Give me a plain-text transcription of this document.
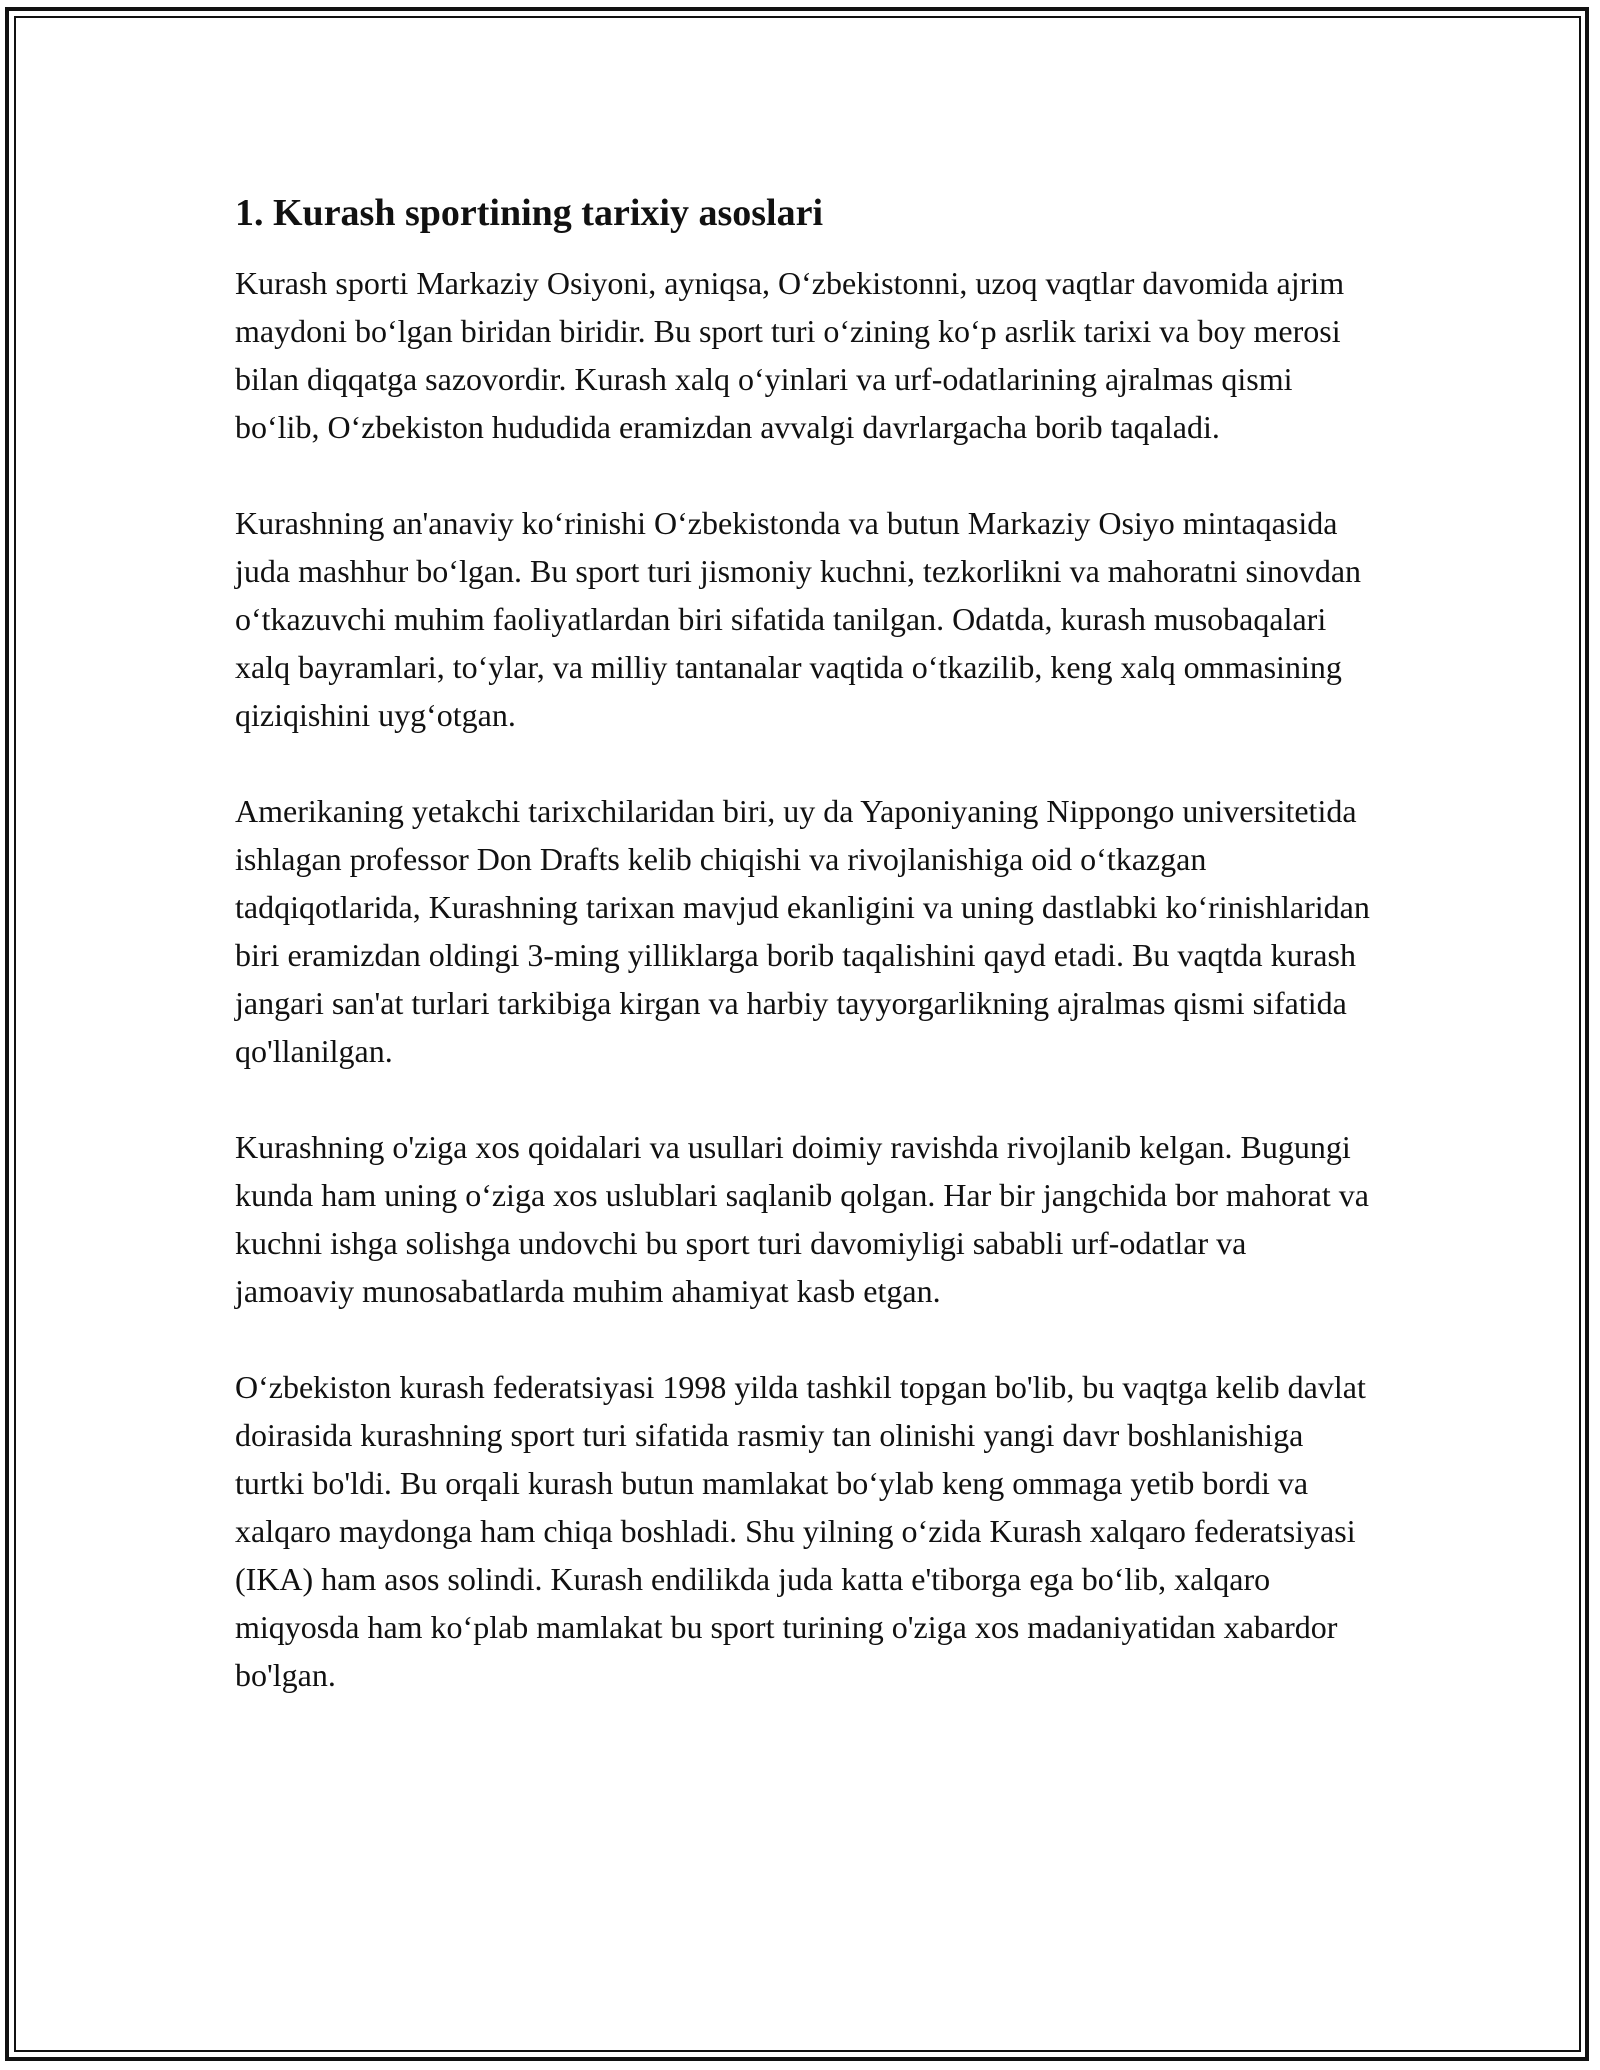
1. Kurash sportining tarixiy asoslari

Kurash sporti Markaziy Osiyoni, ayniqsa, O‘zbekistonni, uzoq vaqtlar davomida ajrim maydoni bo‘lgan biridan biridir. Bu sport turi o‘zining ko‘p asrlik tarixi va boy merosi bilan diqqatga sazovordir. Kurash xalq o‘yinlari va urf-odatlarining ajralmas qismi bo‘lib, O‘zbekiston hududida eramizdan avvalgi davrlargacha borib taqaladi.

Kurashning an'anaviy ko‘rinishi O‘zbekistonda va butun Markaziy Osiyo mintaqasida juda mashhur bo‘lgan. Bu sport turi jismoniy kuchni, tezkorlikni va mahoratni sinovdan o‘tkazuvchi muhim faoliyatlardan biri sifatida tanilgan. Odatda, kurash musobaqalari xalq bayramlari, to‘ylar, va milliy tantanalar vaqtida o‘tkazilib, keng xalq ommasining qiziqishini uyg‘otgan.

Amerikaning yetakchi tarixchilaridan biri, uy da Yaponiyaning Nippongo universitetida ishlagan professor Don Drafts kelib chiqishi va rivojlanishiga oid o‘tkazgan tadqiqotlarida, Kurashning tarixan mavjud ekanligini va uning dastlabki ko‘rinishlaridan biri eramizdan oldingi 3-ming yilliklarga borib taqalishini qayd etadi. Bu vaqtda kurash jangari san'at turlari tarkibiga kirgan va harbiy tayyorgarlikning ajralmas qismi sifatida qo'llanilgan.

Kurashning o'ziga xos qoidalari va usullari doimiy ravishda rivojlanib kelgan. Bugungi kunda ham uning o‘ziga xos uslublari saqlanib qolgan. Har bir jangchida bor mahorat va kuchni ishga solishga undovchi bu sport turi davomiyligi sababli urf-odatlar va jamoaviy munosabatlarda muhim ahamiyat kasb etgan.

O‘zbekiston kurash federatsiyasi 1998 yilda tashkil topgan bo'lib, bu vaqtga kelib davlat doirasida kurashning sport turi sifatida rasmiy tan olinishi yangi davr boshlanishiga turtki bo'ldi. Bu orqali kurash butun mamlakat bo‘ylab keng ommaga yetib bordi va xalqaro maydonga ham chiqa boshladi. Shu yilning o‘zida Kurash xalqaro federatsiyasi (IKA) ham asos solindi. Kurash endilikda juda katta e'tiborga ega bo‘lib, xalqaro miqyosda ham ko‘plab mamlakat bu sport turining o'ziga xos madaniyatidan xabardor bo'lgan.
